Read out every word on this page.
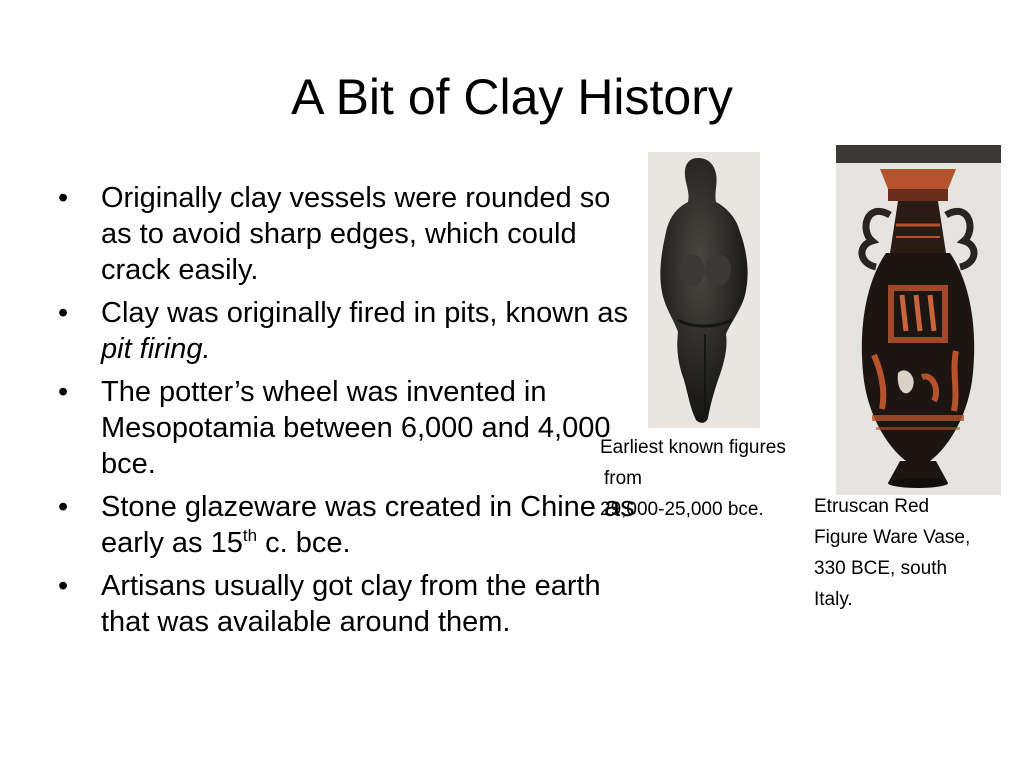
A Bit of Clay History
• Originally clay vessels were rounded so as to avoid sharp edges, which could crack easily.
• Clay was originally fired in pits, known as pit firing.
• The potter’s wheel was invented in Mesopotamia between 6,000 and 4,000 bce.
• Stone glazeware was created in Chine as early as 15th c. bce.
• Artisans usually got clay from the earth that was available around them.

Earliest known figures
from
29,000-25,000 bce.	Etruscan Red
Figure Ware Vase,
330 BCE, south
Italy.
